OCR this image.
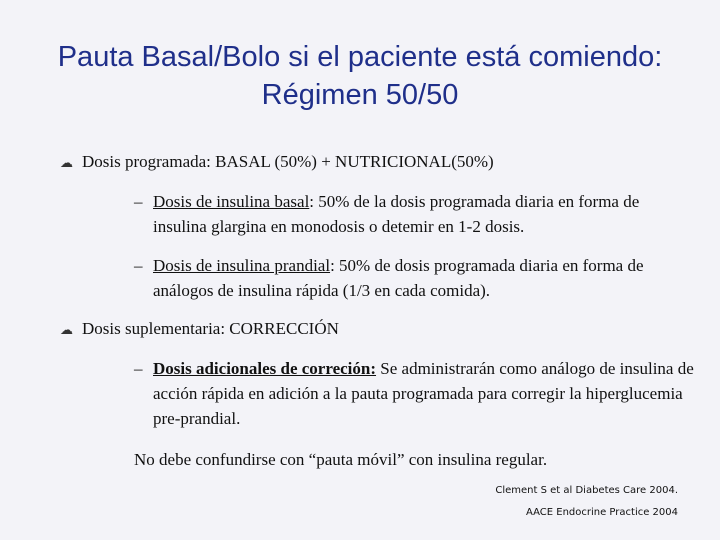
Pauta Basal/Bolo si el paciente está comiendo:
Régimen 50/50
☁ Dosis programada: BASAL (50%) + NUTRICIONAL(50%)
– Dosis de insulina basal: 50% de la dosis programada diaria en forma de insulina glargina en monodosis o detemir en 1-2 dosis.
– Dosis de insulina prandial: 50% de dosis programada diaria en forma de análogos de insulina rápida (1/3 en cada comida).
☁ Dosis suplementaria: CORRECCIÓN
– Dosis adicionales de correción: Se administrarán como análogo de insulina de acción rápida en adición a la pauta programada para corregir la hiperglucemia pre-prandial.
No debe confundirse con “pauta móvil” con insulina regular.
Clement S et al Diabetes Care 2004.
AACE Endocrine Practice 2004
